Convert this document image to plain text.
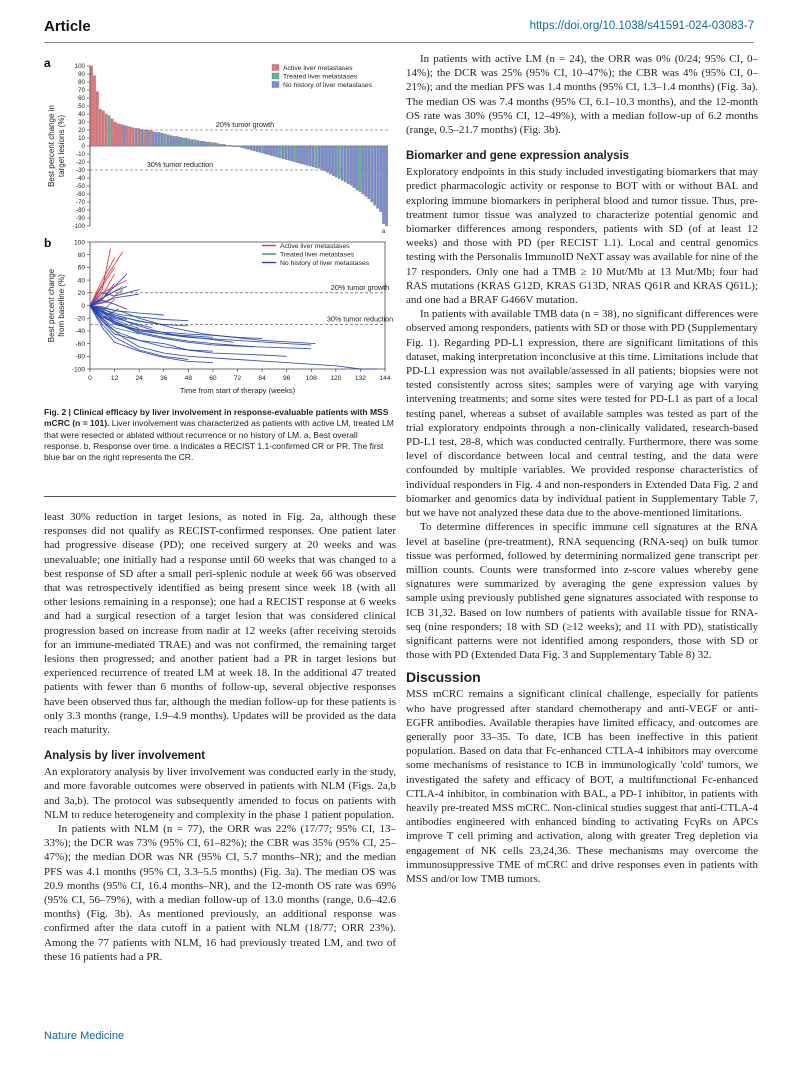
Article	https://doi.org/10.1038/s41591-024-03083-7
a	100
90
80
70
60
50
40
30
20
10
0
-10
-20
-30
-40
-50
-60
-70
-80
-90
-100
Best percent change in target lesions (%)	20% tumor growth
30% tumor reduction
a
Active liver metastases
Treated liver metastases
No history of liver metastases
b	100
80
60
40
20
0
-20
-40
-60
-80
-100
0	12	24	36	48	60	72	84	96 108 120 132 144
Time from start of therapy (weeks)
Best percent change from baseline (%)	20% tumor growth
30% tumor reduction
Active liver metastases
Treated liver metastases
No history of liver metastases
Fig. 2 | Clinical efficacy by liver involvement in response-evaluable patients with MSS mCRC (n = 101). Liver involvement was characterized as patients with active LM, treated LM that were resected or ablated without recurrence or no history of LM. a, Best overall response. b, Response over time. a Indicates a RECIST 1.1-confirmed CR or PR. The first blue bar on the right represents the CR.

least 30% reduction in target lesions, as noted in Fig. 2a, although these responses did not qualify as RECIST-confirmed responses. One patient later had progressive disease (PD); one received surgery at 20 weeks and was unevaluable; one initially had a response until 60 weeks that was changed to a best response of SD after a small peri-splenic nodule at week 66 was observed that was retrospectively identified as being present since week 18 (with all other lesions remaining in a response); one had a RECIST response at 6 weeks and had a surgical resection of a target lesion that was considered clinical progression based on increase from nadir at 12 weeks (after receiving steroids for an immune-mediated TRAE) and was not confirmed, the remaining target lesions then progressed; and another patient had a PR in target lesions but experienced recurrence of treated LM at week 18. In the additional 47 treated patients with fewer than 6 months of follow-up, several objective responses have been observed thus far, although the median follow-up for these patients is only 3.3 months (range, 1.9–4.9 months). Updates will be provided as the data reach maturity.

Analysis by liver involvement

An exploratory analysis by liver involvement was conducted early in the study, and more favorable outcomes were observed in patients with NLM (Figs. 2a,b and 3a,b). The protocol was subsequently amended to focus on patients with NLM to reduce heterogeneity and complexity in the phase 1 patient population.

In patients with NLM (n = 77), the ORR was 22% (17/77; 95% CI, 13–33%); the DCR was 73% (95% CI, 61–82%); the CBR was 35% (95% CI, 25–47%); the median DOR was NR (95% CI, 5.7 months–NR); and the median PFS was 4.1 months (95% CI, 3.3–5.5 months) (Fig. 3a). The median OS was 20.9 months (95% CI, 16.4 months–NR), and the 12-month OS rate was 69% (95% CI, 56–79%), with a median follow-up of 13.0 months (range, 0.6–42.6 months) (Fig. 3b). As mentioned previously, an additional response was confirmed after the data cutoff in a patient with NLM (18/77; ORR 23%). Among the 77 patients with NLM, 16 had previously treated LM, and two of these 16 patients had a PR.

In patients with active LM (n = 24), the ORR was 0% (0/24; 95% CI, 0–14%); the DCR was 25% (95% CI, 10–47%); the CBR was 4% (95% CI, 0–21%); and the median PFS was 1.4 months (95% CI, 1.3–1.4 months) (Fig. 3a). The median OS was 7.4 months (95% CI, 6.1–10.3 months), and the 12-month OS rate was 30% (95% CI, 12–49%), with a median follow-up of 6.2 months (range, 0.5–21.7 months) (Fig. 3b).

Biomarker and gene expression analysis

Exploratory endpoints in this study included investigating biomarkers that may predict pharmacologic activity or response to BOT with or without BAL and exploring immune biomarkers in peripheral blood and tumor tissue. Thus, pre-treatment tumor tissue was analyzed to characterize potential genomic and biomarker differences among responders, patients with SD (of at least 12 weeks) and those with PD (per RECIST 1.1). Local and central genomics testing with the Personalis ImmunoID NeXT assay was available for nine of the 17 responders. Only one had a TMB ≥ 10 Mut/Mb at 13 Mut/Mb; four had RAS mutations (KRAS G12D, KRAS G13D, NRAS Q61R and KRAS Q61L); and one had a BRAF G466V mutation.

In patients with available TMB data (n = 38), no significant differences were observed among responders, patients with SD or those with PD (Supplementary Fig. 1). Regarding PD-L1 expression, there are significant limitations of this dataset, making interpretation inconclusive at this time. Limitations include that PD-L1 expression was not available/assessed in all patients; biopsies were not tested consistently across sites; samples were of varying age with varying intervening treatments; and some sites were tested for PD-L1 as part of a local testing panel, whereas a subset of available samples was tested as part of the trial exploratory endpoints through a non-clinically validated, research-based PD-L1 test, 28-8, which was conducted centrally. Furthermore, there was some level of discordance between local and central testing, and the data were confounded by multiple variables. We provided response characteristics of individual responders in Fig. 4 and non-responders in Extended Data Fig. 2 and biomarker and genomics data by individual patient in Supplementary Table 7, but we have not analyzed these data due to the above-mentioned limitations.

To determine differences in specific immune cell signatures at the RNA level at baseline (pre-treatment), RNA sequencing (RNA-seq) on bulk tumor tissue was performed, followed by determining normalized gene transcript per million counts. Counts were transformed into z-score values whereby gene signatures were summarized by averaging the gene expression values by sample using previously published gene signatures associated with response to ICB 31,32. Based on low numbers of patients with available tissue for RNA-seq (nine responders; 18 with SD (≥12 weeks); and 11 with PD), statistically significant patterns were not identified among responders, those with SD or those with PD (Extended Data Fig. 3 and Supplementary Table 8) 32.

Discussion

MSS mCRC remains a significant clinical challenge, especially for patients who have progressed after standard chemotherapy and anti-VEGF or anti-EGFR antibodies. Available therapies have limited efficacy, and outcomes are generally poor 33–35. To date, ICB has been ineffective in this patient population. Based on data that Fc-enhanced CTLA-4 inhibitors may overcome some mechanisms of resistance to ICB in immunologically 'cold' tumors, we investigated the safety and efficacy of BOT, a multifunctional Fc-enhanced CTLA-4 inhibitor, in combination with BAL, a PD-1 inhibitor, in patients with heavily pre-treated MSS mCRC. Non-clinical studies suggest that anti-CTLA-4 antibodies engineered with enhanced binding to activating FcγRs on APCs improve T cell priming and activation, along with greater Treg depletion via engagement of NK cells 23,24,36. These mechanisms may overcome the immunosuppressive TME of mCRC and drive responses even in patients with MSS and/or low TMB tumors.

Nature Medicine
